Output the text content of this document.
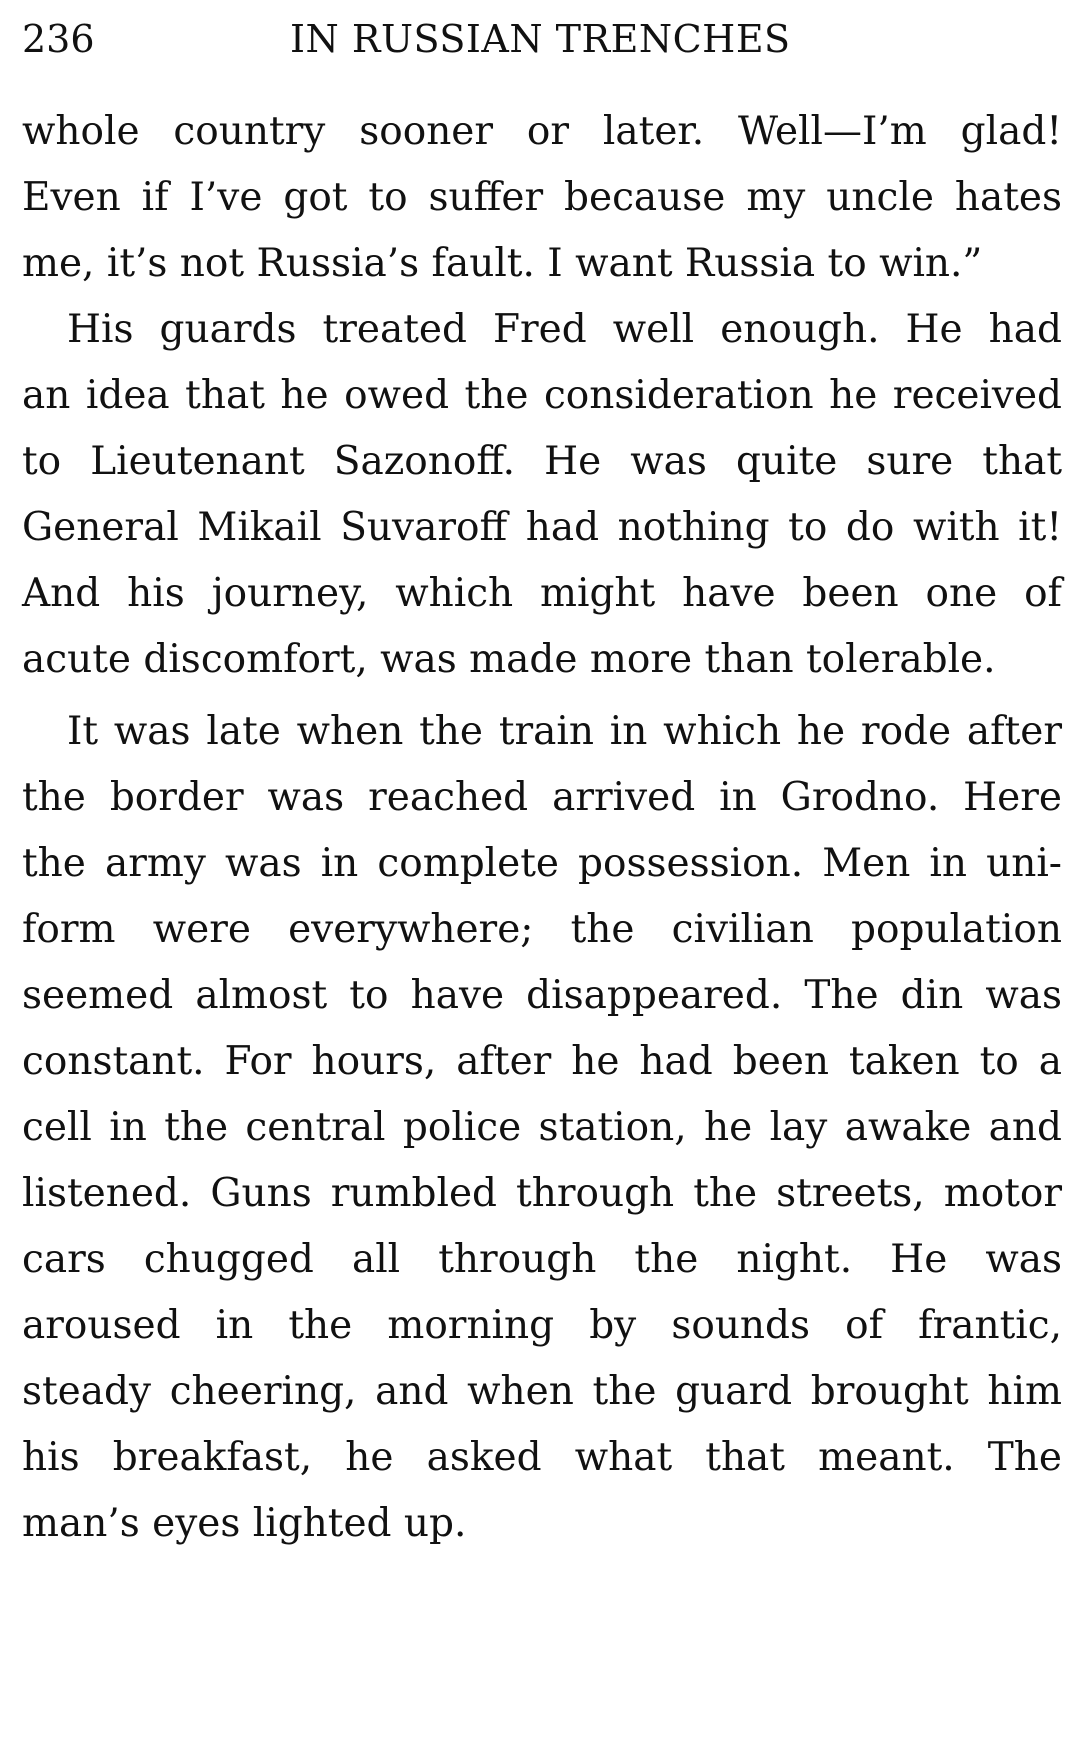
236	IN RUSSIAN TRENCHES
whole country sooner or later. Well—I’m glad!
Even if I’ve got to suffer because my uncle hates
me, it’s not Russia’s fault. I want Russia to win.”
His guards treated Fred well enough. He had
an idea that he owed the consideration he received
to Lieutenant Sazonoff. He was quite sure that
General Mikail Suvaroff had nothing to do with it!
And his journey, which might have been one of
acute discomfort, was made more than tolerable.
It was late when the train in which he rode after
the border was reached arrived in Grodno. Here
the army was in complete possession. Men in uni-
form were everywhere; the civilian population
seemed almost to have disappeared. The din was
constant. For hours, after he had been taken to a
cell in the central police station, he lay awake and
listened. Guns rumbled through the streets, motor
cars chugged all through the night. He was
aroused in the morning by sounds of frantic,
steady cheering, and when the guard brought him
his breakfast, he asked what that meant. The
man’s eyes lighted up.
